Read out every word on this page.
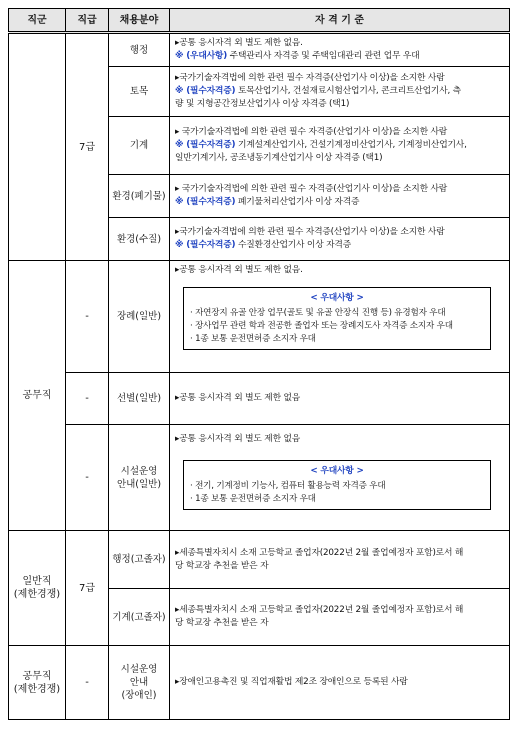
직군	직급	채용분야	자 격 기 준
	7급	행정	▸공통 응시자격 외 별도 제한 없음.
※ (우대사항) 주택관리사 자격증 및 주택임대관리 관련 업무 우대

		토목	▸국가기술자격법에 의한 관련 필수 자격증(산업기사 이상)을 소지한 사람
※ (필수자격증) 토목산업기사, 건설재료시험산업기사, 콘크리트산업기사, 측
량 및 지형공간정보산업기사 이상 자격증 (택1)

		기계	▸ 국가기술자격법에 의한 관련 필수 자격증(산업기사 이상)을 소지한 사람
※ (필수자격증) 기계설계산업기사, 건설기계정비산업기사, 기계정비산업기사,
일반기계기사, 공조냉동기계산업기사 이상 자격증 (택1)

		환경(폐기물)	▸ 국가기술자격법에 의한 관련 필수 자격증(산업기사 이상)을 소지한 사람
※ (필수자격증) 폐기물처리산업기사 이상 자격증

		환경(수질)	▸국가기술자격법에 의한 관련 필수 자격증(산업기사 이상)을 소지한 사람
※ (필수자격증) 수질환경산업기사 이상 자격증

공무직	-	장례(일반)	▸공통 응시자격 외 별도 제한 없음.
< 우대사항 >
· 자연장지 유골 안장 업무(골토 및 유골 안장식 진행 등) 유경험자 우대
· 장사업무 관련 학과 전공한 졸업자 또는 장례지도사 자격증 소지자 우대
· 1종 보통 운전면허증 소지자 우대

	-	선별(일반)	▸공통 응시자격 외 별도 제한 없음

	-	시설운영
안내(일반)	▸공통 응시자격 외 별도 제한 없음
< 우대사항 >
· 전기, 기계정비 기능사, 컴퓨터 활용능력 자격증 우대
· 1종 보통 운전면허증 소지자 우대

일반직
(제한경쟁)	7급	행정(고졸자)	▸세종특별자치시 소재 고등학교 졸업자(2022년 2월 졸업예정자 포함)로서 해
당 학교장 추천을 받은 자

		기계(고졸자)	▸세종특별자치시 소재 고등학교 졸업자(2022년 2월 졸업예정자 포함)로서 해
당 학교장 추천을 받은 자

공무직
(제한경쟁)	-	시설운영
안내
(장애인)	▸장애인고용촉진 및 직업재활법 제2조 장애인으로 등록된 사람
